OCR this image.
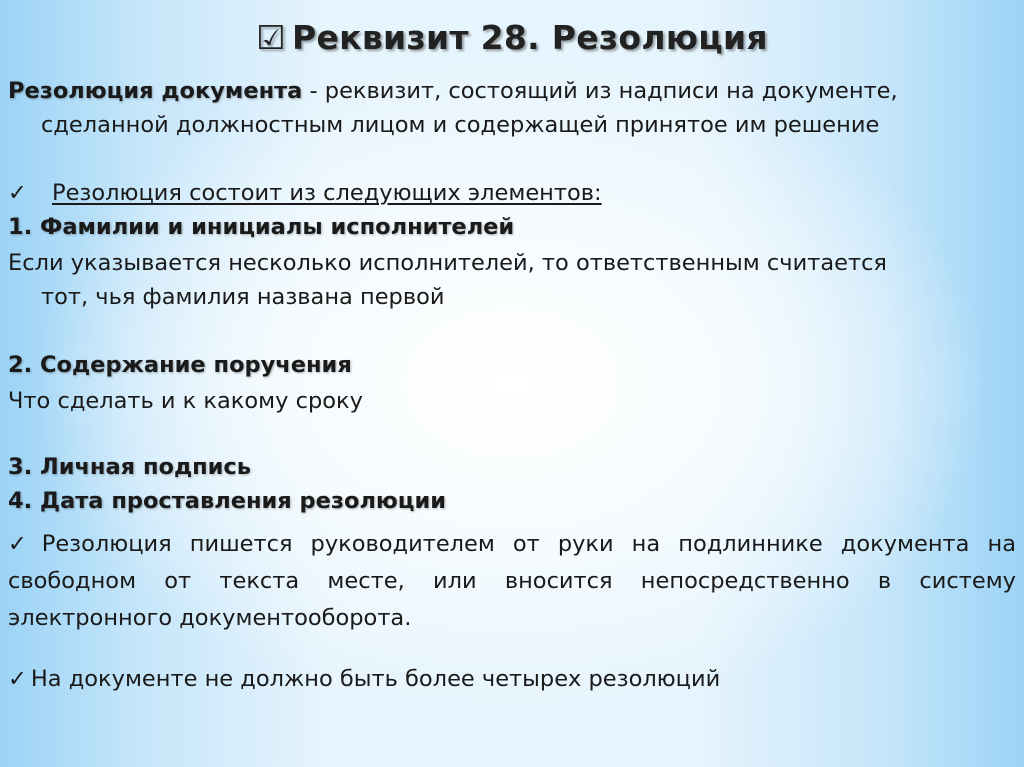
☑ Реквизит 28. Резолюция
Резолюция документа - реквизит, состоящий из надписи на документе,
сделанной должностным лицом и содержащей принятое им решение
✓ Резолюция состоит из следующих элементов:
1. Фамилии и инициалы исполнителей
Если указывается несколько исполнителей, то ответственным считается
тот, чья фамилия названа первой
2. Содержание поручения
Что сделать и к какому сроку
3. Личная подпись
4. Дата проставления резолюции
✓ Резолюция пишется руководителем от руки на подлиннике документа на свободном от текста месте, или вносится непосредственно в систему электронного документооборота.
✓ На документе не должно быть более четырех резолюций
